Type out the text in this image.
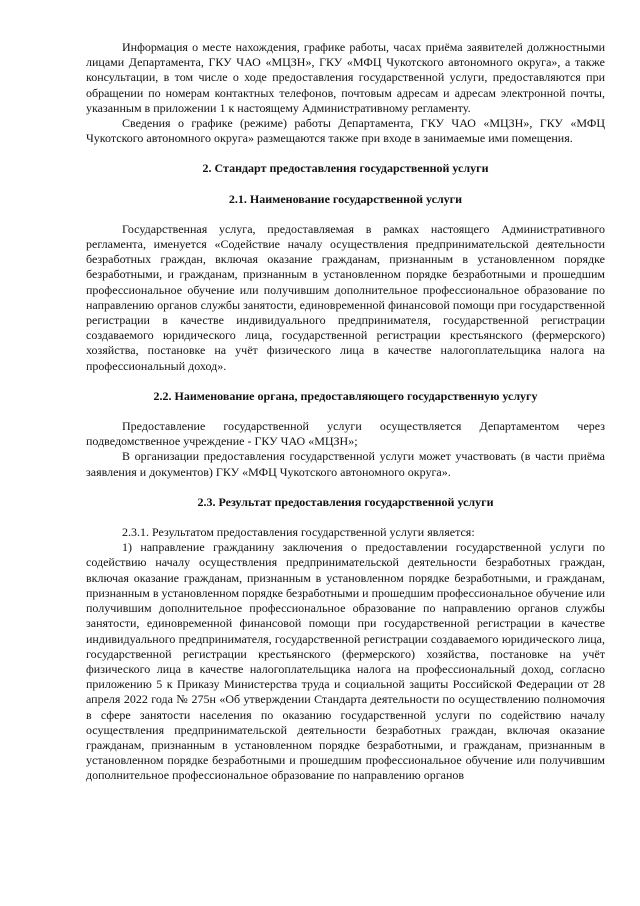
Информация о месте нахождения, графике работы, часах приёма заявителей должностными лицами Департамента, ГКУ ЧАО «МЦЗН», ГКУ «МФЦ Чукотского автономного округа», а также консультации, в том числе о ходе предоставления государственной услуги, предоставляются при обращении по номерам контактных телефонов, почтовым адресам и адресам электронной почты, указанным в приложении 1 к настоящему Административному регламенту.

Сведения о графике (режиме) работы Департамента, ГКУ ЧАО «МЦЗН», ГКУ «МФЦ Чукотского автономного округа» размещаются также при входе в занимаемые ими помещения.

2. Стандарт предоставления государственной услуги
2.1. Наименование государственной услуги

Государственная услуга, предоставляемая в рамках настоящего Административного регламента, именуется «Содействие началу осуществления предпринимательской деятельности безработных граждан, включая оказание гражданам, признанным в установленном порядке безработными, и гражданам, признанным в установленном порядке безработными и прошедшим профессиональное обучение или получившим дополнительное профессиональное образование по направлению органов службы занятости, единовременной финансовой помощи при государственной регистрации в качестве индивидуального предпринимателя, государственной регистрации создаваемого юридического лица, государственной регистрации крестьянского (фермерского) хозяйства, постановке на учёт физического лица в качестве налогоплательщика налога на профессиональный доход».

2.2. Наименование органа, предоставляющего государственную услугу

Предоставление государственной услуги осуществляется Департаментом через подведомственное учреждение - ГКУ ЧАО «МЦЗН»;

В организации предоставления государственной услуги может участвовать (в части приёма заявления и документов) ГКУ «МФЦ Чукотского автономного округа».

2.3. Результат предоставления государственной услуги

2.3.1. Результатом предоставления государственной услуги является:

1) направление гражданину заключения о предоставлении государственной услуги по содействию началу осуществления предпринимательской деятельности безработных граждан, включая оказание гражданам, признанным в установленном порядке безработными, и гражданам, признанным в установленном порядке безработными и прошедшим профессиональное обучение или получившим дополнительное профессиональное образование по направлению органов службы занятости, единовременной финансовой помощи при государственной регистрации в качестве индивидуального предпринимателя, государственной регистрации создаваемого юридического лица, государственной регистрации крестьянского (фермерского) хозяйства, постановке на учёт физического лица в качестве налогоплательщика налога на профессиональный доход, согласно приложению 5 к Приказу Министерства труда и социальной защиты Российской Федерации от 28 апреля 2022 года № 275н «Об утверждении Стандарта деятельности по осуществлению полномочия в сфере занятости населения по оказанию государственной услуги по содействию началу осуществления предпринимательской деятельности безработных граждан, включая оказание гражданам, признанным в установленном порядке безработными, и гражданам, признанным в установленном порядке безработными и прошедшим профессиональное обучение или получившим дополнительное профессиональное образование по направлению органов
